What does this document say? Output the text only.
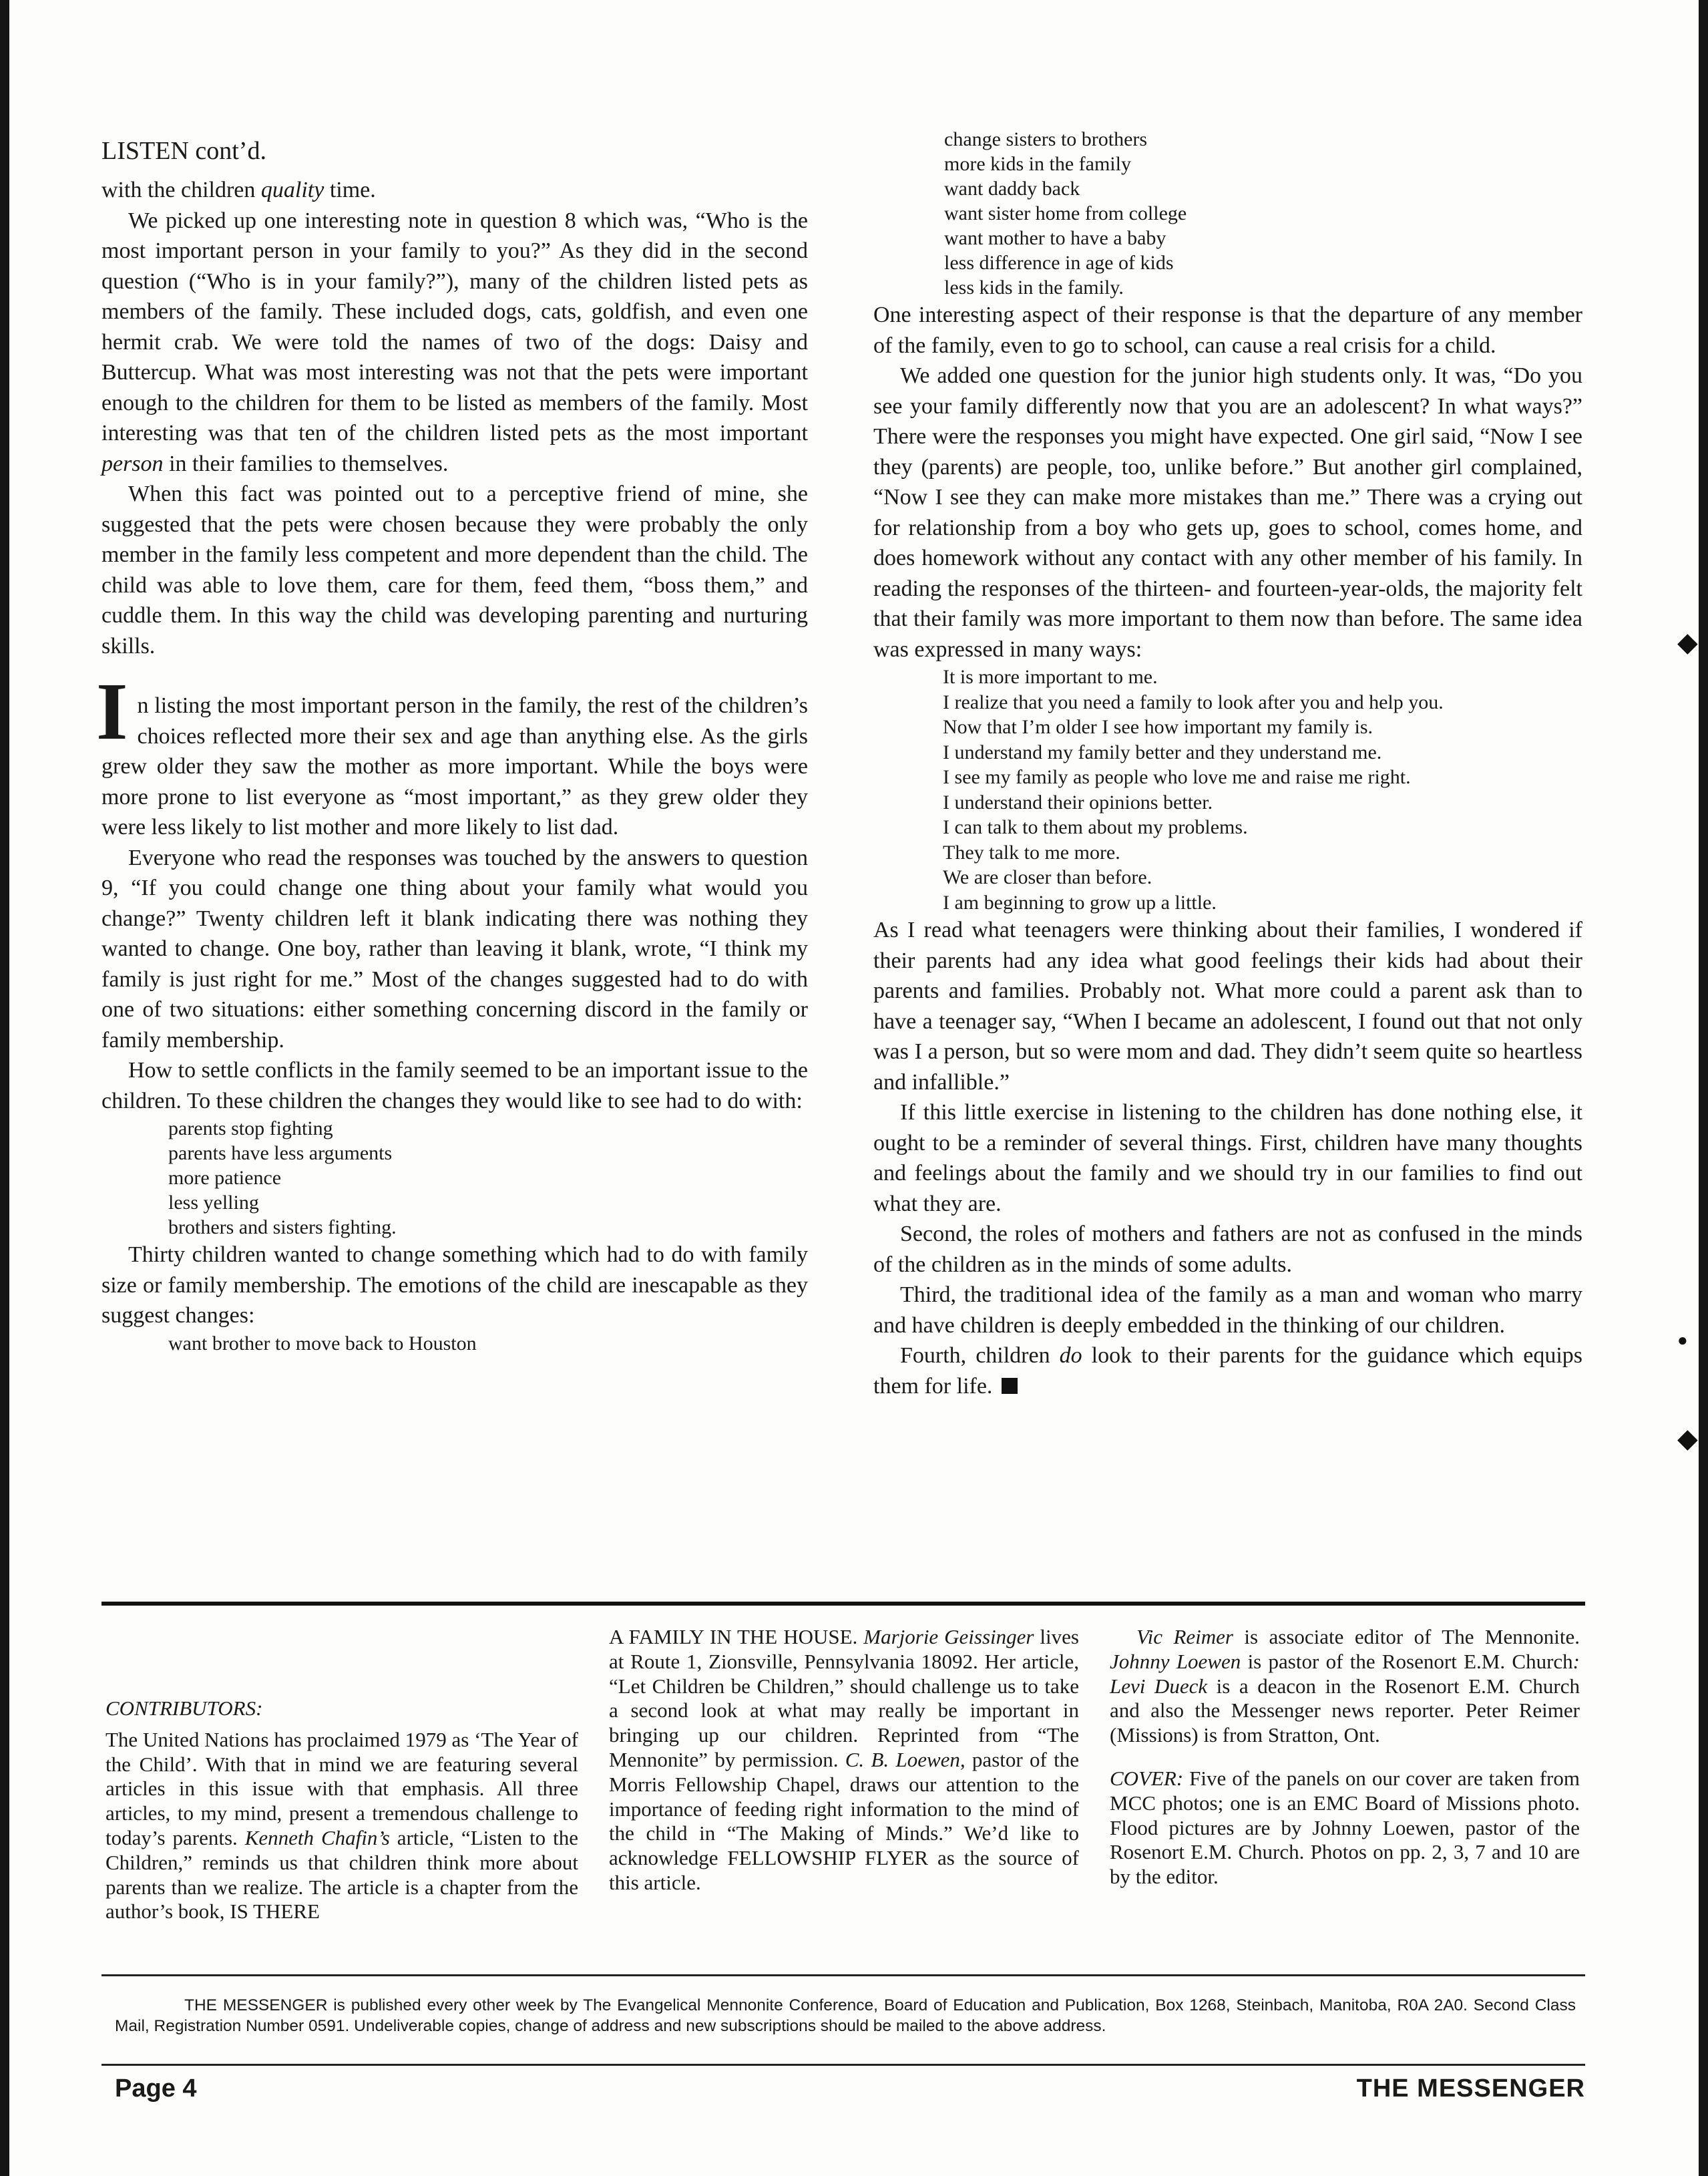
◆
●
◆
LISTEN cont’d.

with the children quality time.

We picked up one interesting note in question 8 which was, “Who is the most important person in your family to you?” As they did in the second question (“Who is in your family?”), many of the children listed pets as members of the family. These included dogs, cats, goldfish, and even one hermit crab. We were told the names of two of the dogs: Daisy and Buttercup. What was most interesting was not that the pets were important enough to the children for them to be listed as members of the family. Most interesting was that ten of the children listed pets as the most important person in their families to themselves.

When this fact was pointed out to a perceptive friend of mine, she suggested that the pets were chosen because they were probably the only member in the family less competent and more dependent than the child. The child was able to love them, care for them, feed them, “boss them,” and cuddle them. In this way the child was developing parenting and nurturing skills.

In listing the most important person in the family, the rest of the children’s choices reflected more their sex and age than anything else. As the girls grew older they saw the mother as more important. While the boys were more prone to list everyone as “most important,” as they grew older they were less likely to list mother and more likely to list dad.

Everyone who read the responses was touched by the answers to question 9, “If you could change one thing about your family what would you change?” Twenty children left it blank indicating there was nothing they wanted to change. One boy, rather than leaving it blank, wrote, “I think my family is just right for me.” Most of the changes suggested had to do with one of two situations: either something concerning discord in the family or family membership.

How to settle conflicts in the family seemed to be an important issue to the children. To these children the changes they would like to see had to do with:

parents stop fighting
parents have less arguments
more patience
less yelling
brothers and sisters fighting.

Thirty children wanted to change something which had to do with family size or family membership. The emotions of the child are inescapable as they suggest changes:

want brother to move back to Houston
change sisters to brothers
more kids in the family
want daddy back
want sister home from college
want mother to have a baby
less difference in age of kids
less kids in the family.

One interesting aspect of their response is that the departure of any member of the family, even to go to school, can cause a real crisis for a child.

We added one question for the junior high students only. It was, “Do you see your family differently now that you are an adolescent? In what ways?” There were the responses you might have expected. One girl said, “Now I see they (parents) are people, too, unlike before.” But another girl complained, “Now I see they can make more mistakes than me.” There was a crying out for relationship from a boy who gets up, goes to school, comes home, and does homework without any contact with any other member of his family. In reading the responses of the thirteen- and fourteen-year-olds, the majority felt that their family was more important to them now than before. The same idea was expressed in many ways:

It is more important to me.
I realize that you need a family to look after you and help you.
Now that I’m older I see how important my family is.
I understand my family better and they understand me.
I see my family as people who love me and raise me right.
I understand their opinions better.
I can talk to them about my problems.
They talk to me more.
We are closer than before.
I am beginning to grow up a little.

As I read what teenagers were thinking about their families, I wondered if their parents had any idea what good feelings their kids had about their parents and families. Probably not. What more could a parent ask than to have a teenager say, “When I became an adolescent, I found out that not only was I a person, but so were mom and dad. They didn’t seem quite so heartless and infallible.”

If this little exercise in listening to the children has done nothing else, it ought to be a reminder of several things. First, children have many thoughts and feelings about the family and we should try in our families to find out what they are.

Second, the roles of mothers and fathers are not as confused in the minds of the children as in the minds of some adults.

Third, the traditional idea of the family as a man and woman who marry and have children is deeply embedded in the thinking of our children.

Fourth, children do look to their parents for the guidance which equips them for life.

CONTRIBUTORS:

The United Nations has proclaimed 1979 as ‘The Year of the Child’. With that in mind we are featuring several articles in this issue with that emphasis. All three articles, to my mind, present a tremendous challenge to today’s parents. Kenneth Chafin’s article, “Listen to the Children,” reminds us that children think more about parents than we realize. The article is a chapter from the author’s book, IS THERE

A FAMILY IN THE HOUSE. Marjorie Geissinger lives at Route 1, Zionsville, Pennsylvania 18092. Her article, “Let Children be Children,” should challenge us to take a second look at what may really be important in bringing up our children. Reprinted from “The Mennonite” by permission. C. B. Loewen, pastor of the Morris Fellowship Chapel, draws our attention to the importance of feeding right information to the mind of the child in “The Making of Minds.” We’d like to acknowledge FELLOWSHIP FLYER as the source of this article.

Vic Reimer is associate editor of The Mennonite. Johnny Loewen is pastor of the Rosenort E.M. Church: Levi Dueck is a deacon in the Rosenort E.M. Church and also the Messenger news reporter. Peter Reimer (Missions) is from Stratton, Ont.

COVER: Five of the panels on our cover are taken from MCC photos; one is an EMC Board of Missions photo. Flood pictures are by Johnny Loewen, pastor of the Rosenort E.M. Church. Photos on pp. 2, 3, 7 and 10 are by the editor.

THE MESSENGER is published every other week by The Evangelical Mennonite Conference, Board of Education and Publication, Box 1268, Steinbach, Manitoba, R0A 2A0. Second Class Mail, Registration Number 0591. Undeliverable copies, change of address and new subscriptions should be mailed to the above address.
Page 4	THE MESSENGER
